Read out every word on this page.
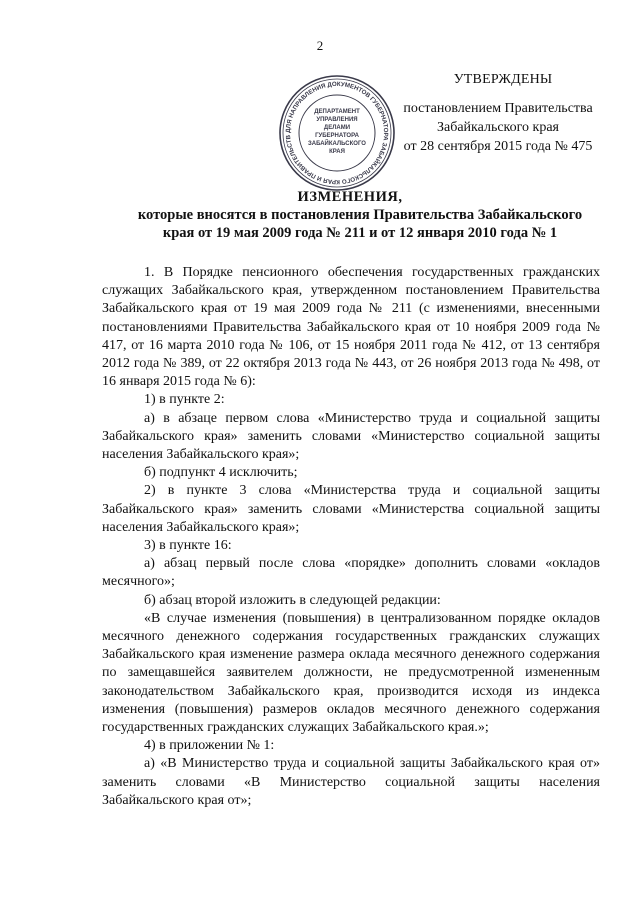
2
ДЛЯ НАПРАВЛЕНИЯ ДОКУМЕНТОВ ГУБЕРНАТОРА ЗАБАЙКАЛЬСКОГО КРАЯ И ПРАВИТЕЛЬСТВ
ДЕПАРТАМЕНТ
УПРАВЛЕНИЯ
ДЕЛАМИ
ГУБЕРНАТОРА
ЗАБАЙКАЛЬСКОГО
КРАЯ
УТВЕРЖДЕНЫ
постановлением Правительства
Забайкальского края
от 28 сентября 2015 года № 475
ИЗМЕНЕНИЯ,
которые вносятся в постановления Правительства Забайкальского
края от 19 мая 2009 года № 211 и от 12 января 2010 года № 1

1. В Порядке пенсионного обеспечения государственных гражданских служащих Забайкальского края, утвержденном постановлением Правительства Забайкальского края от 19 мая 2009 года № 211 (с изменениями, внесенными постановлениями Правительства Забайкальского края от 10 ноября 2009 года № 417, от 16 марта 2010 года № 106, от 15 ноября 2011 года № 412, от 13 сентября 2012 года № 389, от 22 октября 2013 года № 443, от 26 ноября 2013 года № 498, от 16 января 2015 года № 6):

1) в пункте 2:

а) в абзаце первом слова «Министерство труда и социальной защиты Забайкальского края» заменить словами «Министерство социальной защиты населения Забайкальского края»;

б) подпункт 4 исключить;

2) в пункте 3 слова «Министерства труда и социальной защиты Забайкальского края» заменить словами «Министерства социальной защиты населения Забайкальского края»;

3) в пункте 16:

а) абзац первый после слова «порядке» дополнить словами «окладов месячного»;

б) абзац второй изложить в следующей редакции:

«В случае изменения (повышения) в централизованном порядке окладов месячного денежного содержания государственных гражданских служащих Забайкальского края изменение размера оклада месячного денежного содержания по замещавшейся заявителем должности, не предусмотренной измененным законодательством Забайкальского края, производится исходя из индекса изменения (повышения) размеров окладов месячного денежного содержания государственных гражданских служащих Забайкальского края.»;

4) в приложении № 1:

а) «В Министерство труда и социальной защиты Забайкальского края от» заменить словами «В Министерство социальной защиты населения Забайкальского края от»;
